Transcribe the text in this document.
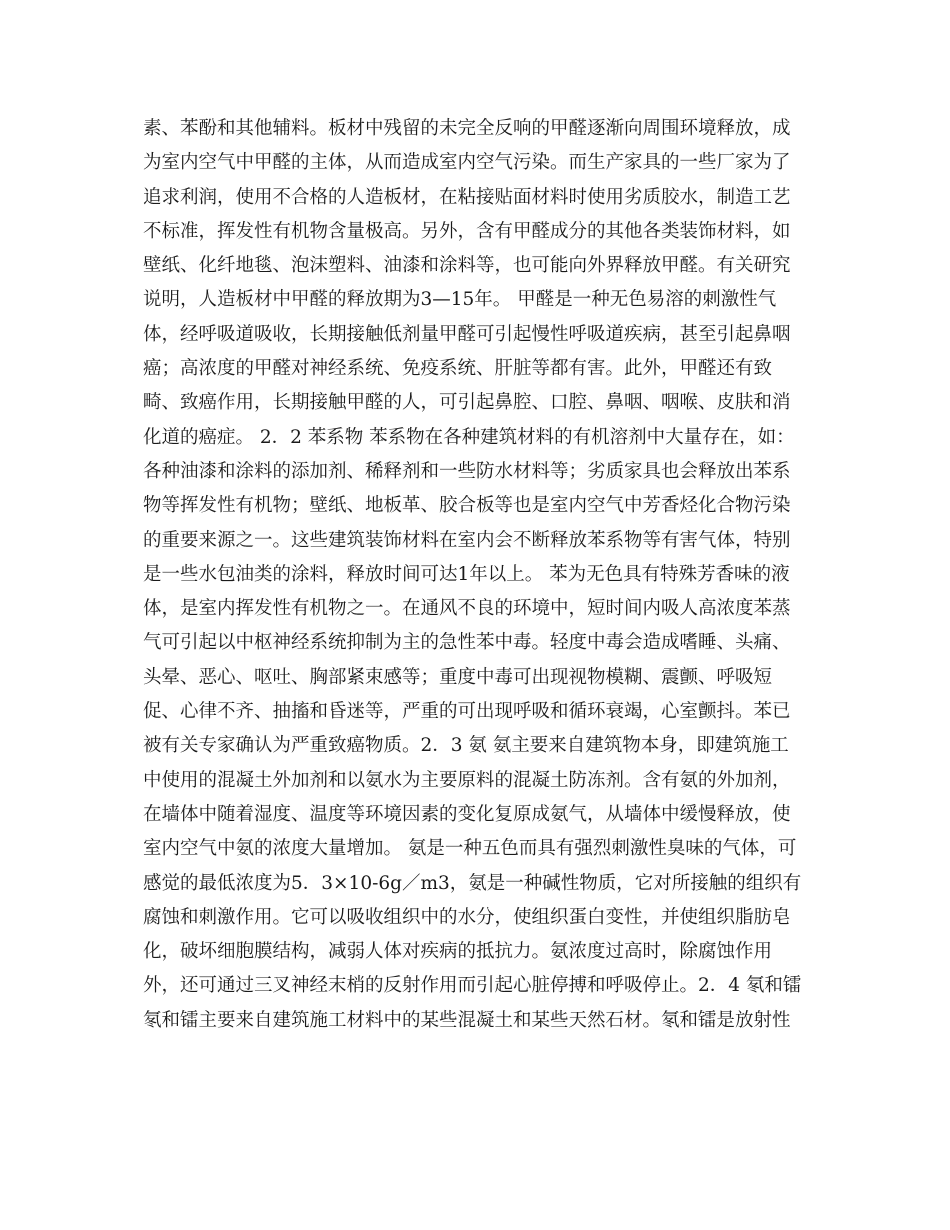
素、苯酚和其他辅料。板材中残留的未完全反响的甲醛逐渐向周围环境释放，成
为室内空气中甲醛的主体，从而造成室内空气污染。而生产家具的一些厂家为了
追求利润，使用不合格的人造板材，在粘接贴面材料时使用劣质胶水，制造工艺
不标准，挥发性有机物含量极高。另外，含有甲醛成分的其他各类装饰材料，如
壁纸、化纤地毯、泡沫塑料、油漆和涂料等，也可能向外界释放甲醛。有关研究
说明，人造板材中甲醛的释放期为3—15年。 甲醛是一种无色易溶的刺激性气
体，经呼吸道吸收，长期接触低剂量甲醛可引起慢性呼吸道疾病，甚至引起鼻咽
癌；高浓度的甲醛对神经系统、免疫系统、肝脏等都有害。此外，甲醛还有致
畸、致癌作用，长期接触甲醛的人，可引起鼻腔、口腔、鼻咽、咽喉、皮肤和消
化道的癌症。 2．2 苯系物 苯系物在各种建筑材料的有机溶剂中大量存在，如：
各种油漆和涂料的添加剂、稀释剂和一些防水材料等；劣质家具也会释放出苯系
物等挥发性有机物；壁纸、地板革、胶合板等也是室内空气中芳香烃化合物污染
的重要来源之一。这些建筑装饰材料在室内会不断释放苯系物等有害气体，特别
是一些水包油类的涂料，释放时间可达1年以上。 苯为无色具有特殊芳香味的液
体，是室内挥发性有机物之一。在通风不良的环境中，短时间内吸人高浓度苯蒸
气可引起以中枢神经系统抑制为主的急性苯中毒。轻度中毒会造成嗜睡、头痛、
头晕、恶心、呕吐、胸部紧束感等；重度中毒可出现视物模糊、震颤、呼吸短
促、心律不齐、抽搐和昏迷等，严重的可出现呼吸和循环衰竭，心室颤抖。苯已
被有关专家确认为严重致癌物质。2．3 氨 氨主要来自建筑物本身，即建筑施工
中使用的混凝土外加剂和以氨水为主要原料的混凝土防冻剂。含有氨的外加剂，
在墙体中随着湿度、温度等环境因素的变化复原成氨气，从墙体中缓慢释放，使
室内空气中氨的浓度大量增加。 氨是一种五色而具有强烈刺激性臭味的气体，可
感觉的最低浓度为5．3×10-6g／m3，氨是一种碱性物质，它对所接触的组织有
腐蚀和刺激作用。它可以吸收组织中的水分，使组织蛋白变性，并使组织脂肪皂
化，破坏细胞膜结构，减弱人体对疾病的抵抗力。氨浓度过高时，除腐蚀作用
外，还可通过三叉神经末梢的反射作用而引起心脏停搏和呼吸停止。2．4 氡和镭
氡和镭主要来自建筑施工材料中的某些混凝土和某些天然石材。氡和镭是放射性
